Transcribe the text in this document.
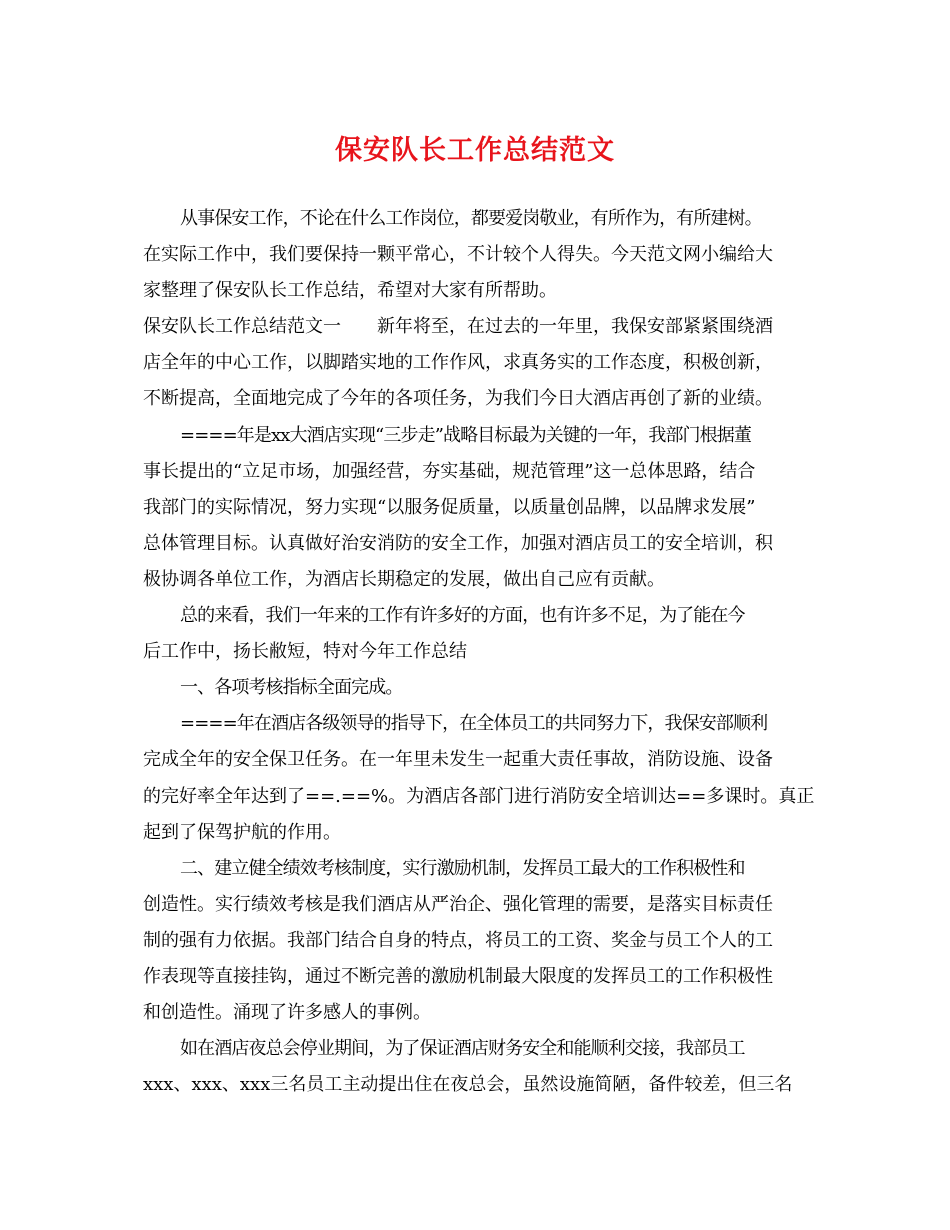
保安队长工作总结范文
从事保安工作，不论在什么工作岗位，都要爱岗敬业，有所作为，有所建树。
在实际工作中，我们要保持一颗平常心，不计较个人得失。今天范文网小编给大
家整理了保安队长工作总结，希望对大家有所帮助。
保安队长工作总结范文一　　新年将至，在过去的一年里，我保安部紧紧围绕酒
店全年的中心工作，以脚踏实地的工作作风，求真务实的工作态度，积极创新，
不断提高，全面地完成了今年的各项任务，为我们今日大酒店再创了新的业绩。
====年是xx大酒店实现“三步走”战略目标最为关键的一年，我部门根据董
事长提出的“立足市场，加强经营，夯实基础，规范管理”这一总体思路，结合
我部门的实际情况，努力实现“以服务促质量，以质量创品牌，以品牌求发展”
总体管理目标。认真做好治安消防的安全工作，加强对酒店员工的安全培训，积
极协调各单位工作，为酒店长期稳定的发展，做出自己应有贡献。
总的来看，我们一年来的工作有许多好的方面，也有许多不足，为了能在今
后工作中，扬长敝短，特对今年工作总结
一、各项考核指标全面完成。
====年在酒店各级领导的指导下，在全体员工的共同努力下，我保安部顺利
完成全年的安全保卫任务。在一年里未发生一起重大责任事故，消防设施、设备
的完好率全年达到了==.==%。为酒店各部门进行消防安全培训达==多课时。真正
起到了保驾护航的作用。
二、建立健全绩效考核制度，实行激励机制，发挥员工最大的工作积极性和
创造性。实行绩效考核是我们酒店从严治企、强化管理的需要，是落实目标责任
制的强有力依据。我部门结合自身的特点，将员工的工资、奖金与员工个人的工
作表现等直接挂钩，通过不断完善的激励机制最大限度的发挥员工的工作积极性
和创造性。涌现了许多感人的事例。
如在酒店夜总会停业期间，为了保证酒店财务安全和能顺利交接，我部员工
xxx、xxx、xxx三名员工主动提出住在夜总会，虽然设施简陋，备件较差，但三名
